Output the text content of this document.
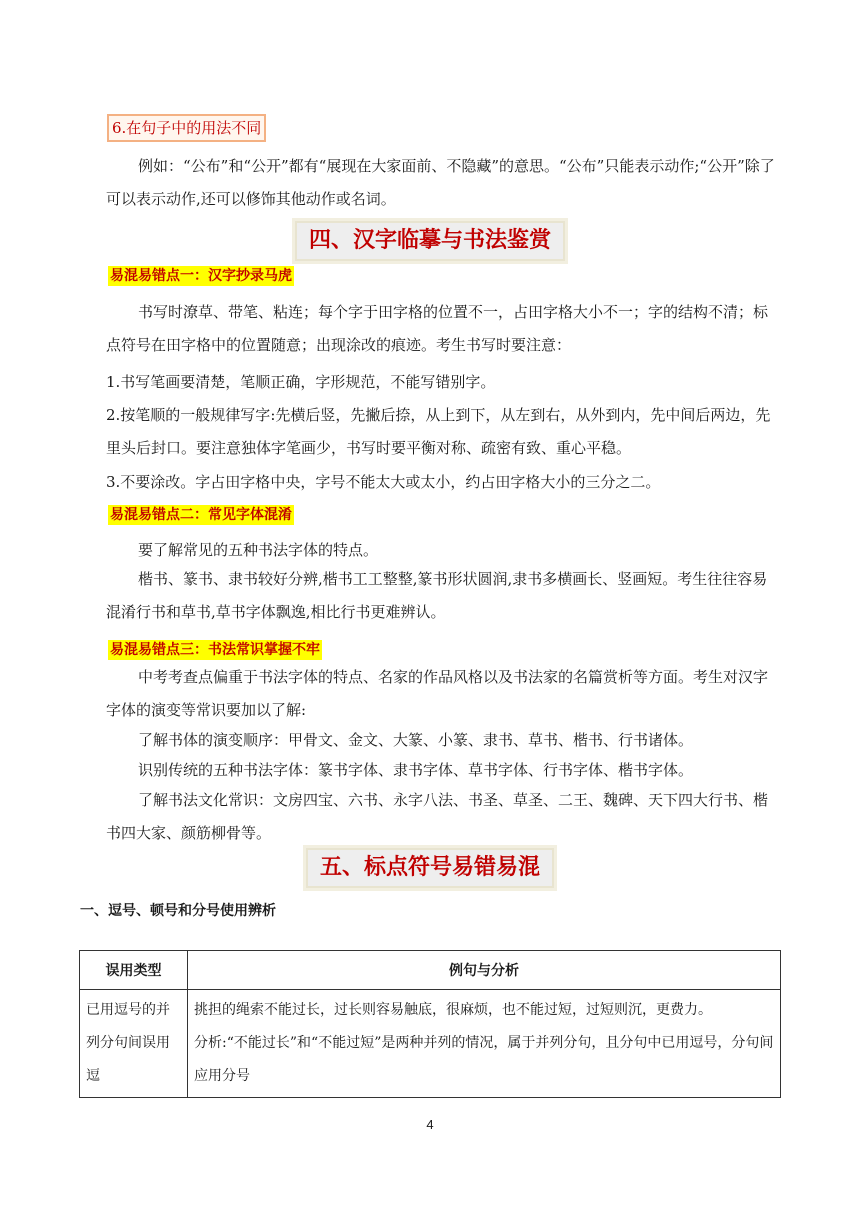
6.在句子中的用法不同
例如：“公布”和“公开”都有“展现在大家面前、不隐藏”的意思。“公布”只能表示动作;“公开”除了可以表示动作,还可以修饰其他动作或名词。
四、汉字临摹与书法鉴赏
易混易错点一：汉字抄录马虎
书写时潦草、带笔、粘连；每个字于田字格的位置不一，占田字格大小不一；字的结构不清；标点符号在田字格中的位置随意；出现涂改的痕迹。考生书写时要注意：
1.书写笔画要清楚，笔顺正确，字形规范，不能写错别字。
2.按笔顺的一般规律写字:先横后竖，先撇后捺，从上到下，从左到右，从外到内，先中间后两边，先里头后封口。要注意独体字笔画少，书写时要平衡对称、疏密有致、重心平稳。
3.不要涂改。字占田字格中央，字号不能太大或太小，约占田字格大小的三分之二。
易混易错点二：常见字体混淆
要了解常见的五种书法字体的特点。
楷书、篆书、隶书较好分辨,楷书工工整整,篆书形状圆润,隶书多横画长、竖画短。考生往往容易混淆行书和草书,草书字体飘逸,相比行书更难辨认。
易混易错点三：书法常识掌握不牢
中考考查点偏重于书法字体的特点、名家的作品风格以及书法家的名篇赏析等方面。考生对汉字字体的演变等常识要加以了解:
了解书体的演变顺序：甲骨文、金文、大篆、小篆、隶书、草书、楷书、行书诸体。
识别传统的五种书法字体：篆书字体、隶书字体、草书字体、行书字体、楷书字体。
了解书法文化常识：文房四宝、六书、永字八法、书圣、草圣、二王、魏碑、天下四大行书、楷书四大家、颜筋柳骨等。
五、标点符号易错易混
一、逗号、顿号和分号使用辨析
误用类型	例句与分析
已用逗号的并列分句间误用逗	挑担的绳索不能过长，过长则容易触底，很麻烦，也不能过短，过短则沉，更费力。
分析:“不能过长”和“不能过短”是两种并列的情况，属于并列分句，且分句中已用逗号，分句间应用分号
4
